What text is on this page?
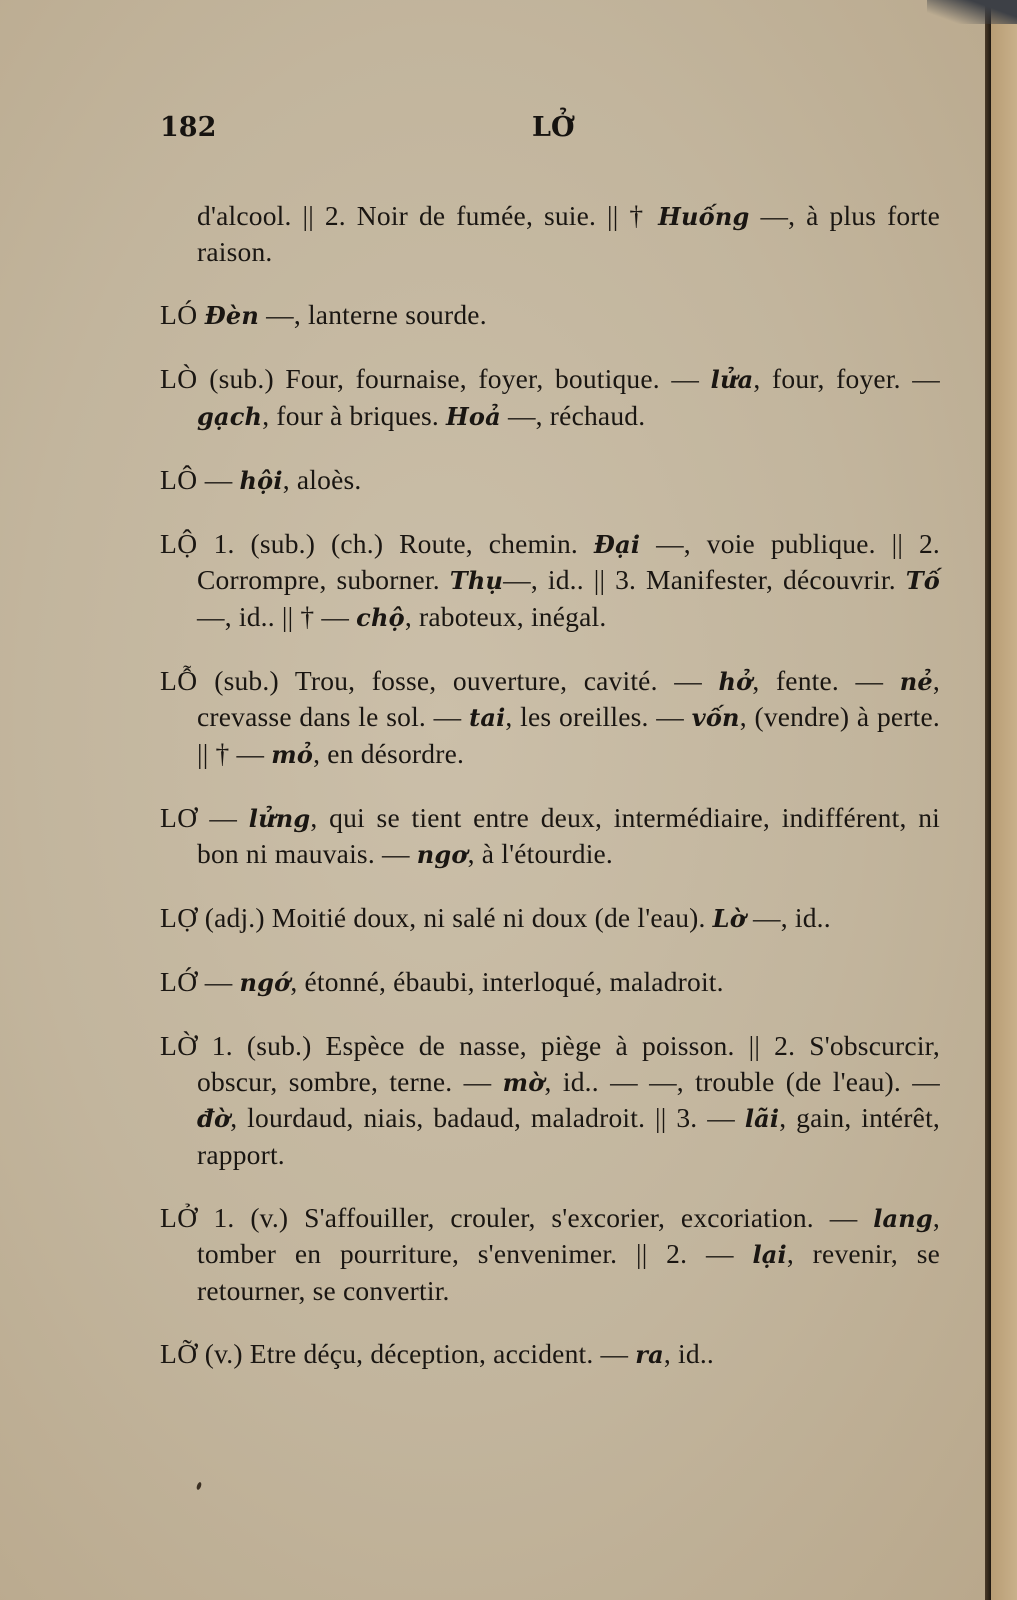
182	LỞ

d'alcool. || 2. Noir de fumée, suie. || † Huống —, à plus forte raison.

LÓ Đèn —, lanterne sourde.

LÒ (sub.) Four, fournaise, foyer, boutique. — lửa, four, foyer. — gạch, four à briques. Hoả —, réchaud.

LÔ — hội, aloès.

LỘ 1. (sub.) (ch.) Route, chemin. Đại —, voie publique. || 2. Corrompre, suborner. Thụ—, id.. || 3. Manifester, découvrir. Tố —, id.. || † — chộ, raboteux, inégal.

LỖ (sub.) Trou, fosse, ouverture, cavité. — hở, fente. — nẻ, crevasse dans le sol. — tai, les oreilles. — vốn, (vendre) à perte. || † — mỏ, en désordre.

LƠ — lửng, qui se tient entre deux, intermédiaire, indifférent, ni bon ni mauvais. — ngơ, à l'étourdie.

LỢ (adj.) Moitié doux, ni salé ni doux (de l'eau). Lờ —, id..

LỚ — ngớ, étonné, ébaubi, interloqué, maladroit.

LỜ 1. (sub.) Espèce de nasse, piège à poisson. || 2. S'obscurcir, obscur, sombre, terne. — mờ, id.. — —, trouble (de l'eau). — đờ, lourdaud, niais, badaud, maladroit. || 3. — lãi, gain, intérêt, rapport.

LỞ 1. (v.) S'affouiller, crouler, s'excorier, excoriation. — lang, tomber en pourriture, s'envenimer. || 2. — lại, revenir, se retourner, se convertir.

LỠ (v.) Etre déçu, déception, accident. — ra, id..
